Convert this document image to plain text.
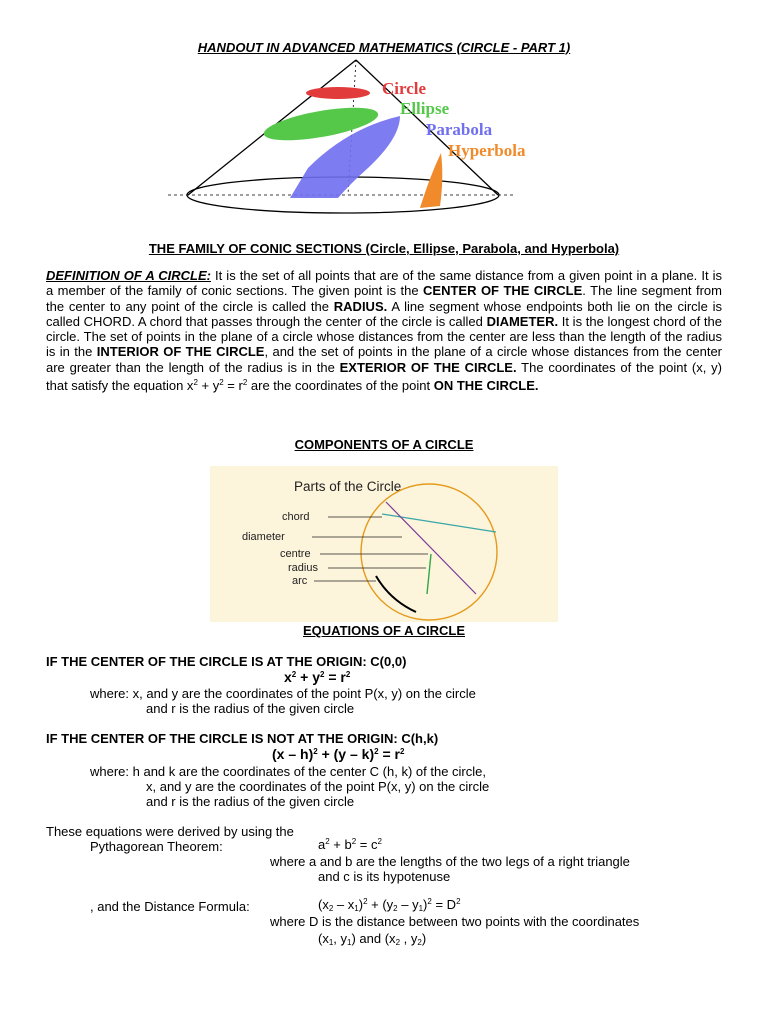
HANDOUT IN ADVANCED MATHEMATICS (CIRCLE - PART 1)
Circle
Ellipse
Parabola
Hyperbola
THE FAMILY OF CONIC SECTIONS (Circle, Ellipse, Parabola, and Hyperbola)
DEFINITION OF A CIRCLE: It is the set of all points that are of the same distance from a given point in a plane. It is a member of the family of conic sections. The given point is the CENTER OF THE CIRCLE. The line segment from the center to any point of the circle is called the RADIUS. A line segment whose endpoints both lie on the circle is called CHORD. A chord that passes through the center of the circle is called DIAMETER. It is the longest chord of the circle. The set of points in the plane of a circle whose distances from the center are less than the length of the radius is in the INTERIOR OF THE CIRCLE, and the set of points in the plane of a circle whose distances from the center are greater than the length of the radius is in the EXTERIOR OF THE CIRCLE. The coordinates of the point (x, y) that satisfy the equation $x^2 + y^2 = r^2$ are the coordinates of the point ON THE CIRCLE.
COMPONENTS OF A CIRCLE
Parts of the Circle
chord
diameter
centre
radius
arc
EQUATIONS OF A CIRCLE
IF THE CENTER OF THE CIRCLE IS AT THE ORIGIN: C(0,0)
$x^2 + y^2 = r^2$
where: x, and y are the coordinates of the point P(x, y) on the circle
and r is the radius of the given circle
IF THE CENTER OF THE CIRCLE IS NOT AT THE ORIGIN: C(h,k)
$(x - h)^2 + (y - k)^2 = r^2$
where: h and k are the coordinates of the center C (h, k) of the circle,
x, and y are the coordinates of the point P(x, y) on the circle
and r is the radius of the given circle
These equations were derived by using the
Pythagorean Theorem:	$a^2 + b^2 = c^2$
where a and b are the lengths of the two legs of a right triangle
and c is its hypotenuse
, and the Distance Formula:	$(x_2 - x_1)^2 + (y_2 - y_1)^2 = D^2$
where D is the distance between two points with the coordinates
($x_1$, $y_1$) and ($x_2$ , $y_2$)
